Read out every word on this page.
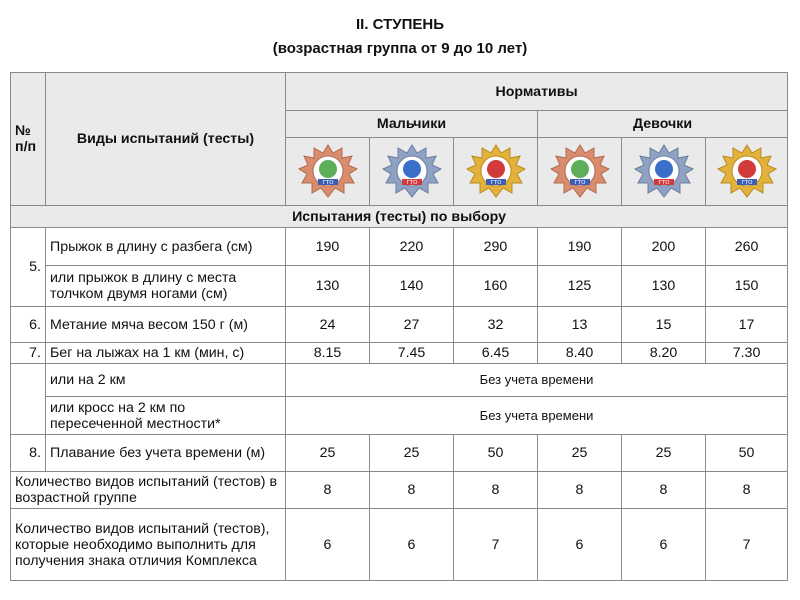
II. СТУПЕНЬ
(возрастная группа от 9 до 10 лет)
№ п/п	Виды испытаний (тесты)	Нормативы					
		Мальчики			Девочки		

ГТО	ГТО	ГТО	ГТО	ГТО	ГТО

Испытания (тесты) по выбору							
5.	Прыжок в длину с разбега (см)	190	220	290	190	200	260
	или прыжок в длину с места толчком двумя ногами (см)	130	140	160	125	130	150
6.	Метание мяча весом 150 г (м)	24	27	32	13	15	17
7.	Бег на лыжах на 1 км (мин, с)	8.15	7.45	6.45	8.40	8.20	7.30
	или на 2 км	Без учета времени					
	или кросс на 2 км по пересеченной местности*	Без учета времени					
8.	Плавание без учета времени (м)	25	25	50	25	25	50
Количество видов испытаний (тестов) в возрастной группе		8	8	8	8	8	8
Количество видов испытаний (тестов), которые необходимо выполнить для получения знака отличия Комплекса		6	6	7	6	6	7
